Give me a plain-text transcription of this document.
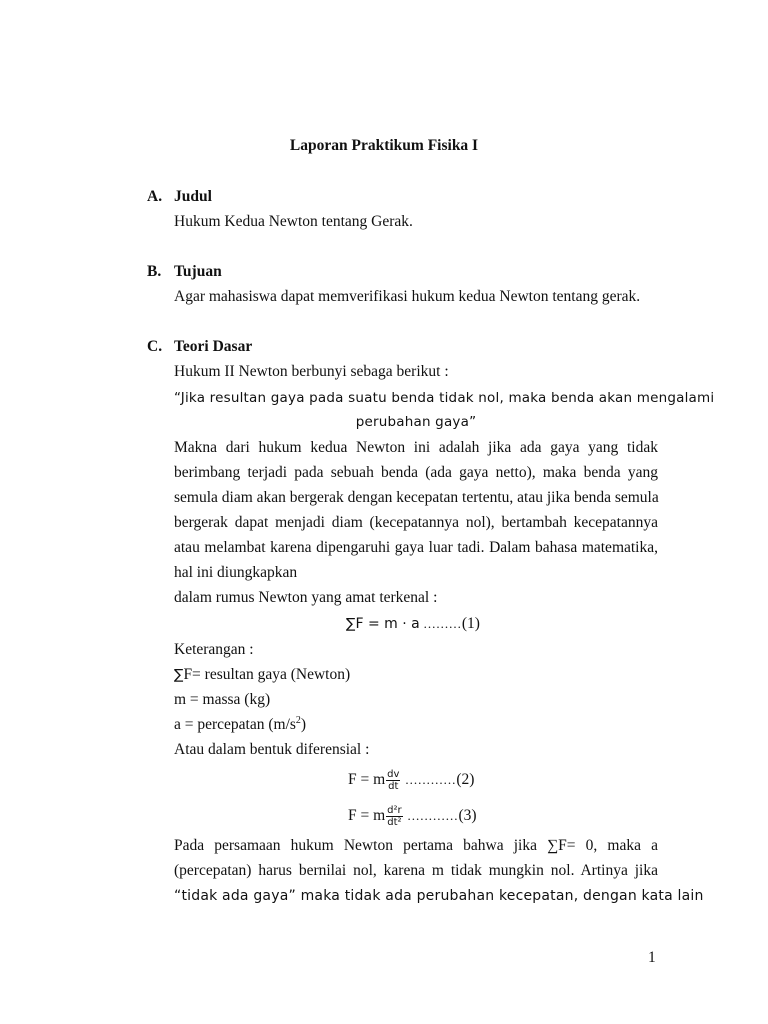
Laporan Praktikum Fisika I
A. Judul
Hukum Kedua Newton tentang Gerak.
B. Tujuan
Agar mahasiswa dapat memverifikasi hukum kedua Newton tentang gerak.
C. Teori Dasar
Hukum II Newton berbunyi sebaga berikut :
“Jika resultan gaya pada suatu benda tidak nol, maka benda akan mengalami
perubahan gaya”
Makna dari hukum kedua Newton ini adalah jika ada gaya yang tidak
berimbang terjadi pada sebuah benda (ada gaya netto), maka benda yang
semula diam akan bergerak dengan kecepatan tertentu, atau jika benda semula
bergerak dapat menjadi diam (kecepatannya nol), bertambah kecepatannya
atau melambat karena dipengaruhi gaya luar tadi. Dalam bahasa matematika,
hal ini diungkapkan
dalam rumus Newton yang amat terkenal :
∑F = m · a .........(1)
Keterangan :
∑F= resultan gaya (Newton)
m = massa (kg)
a = percepatan $(m/s^2)$
Atau dalam bentuk diferensial :
F = m $\frac{dv}{dt} ............(2)$
F = m $\frac{\text{d²r}}{\text{dt²}} ............(3)$
Pada persamaan hukum Newton pertama bahwa jika ∑F= 0, maka a
(percepatan) harus bernilai nol, karena m tidak mungkin nol. Artinya jika
“tidak ada gaya” maka tidak ada perubahan kecepatan, dengan kata lain
1
